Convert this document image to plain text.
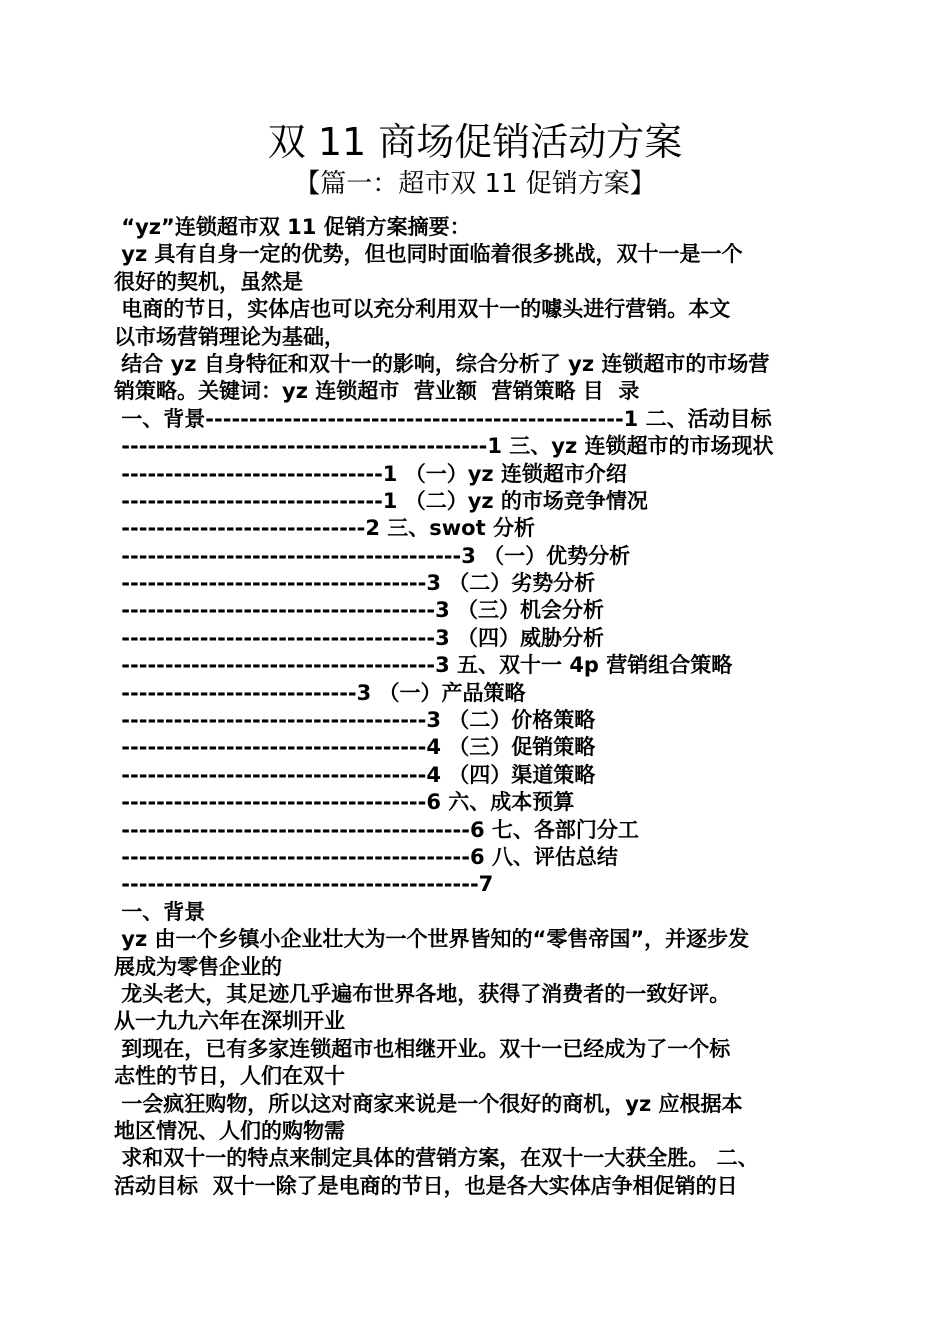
双 11 商场促销活动方案
【篇一：超市双 11 促销方案】
“yz”连锁超市双 11 促销方案摘要：
yz 具有自身一定的优势，但也同时面临着很多挑战，双十一是一个
很好的契机，虽然是
电商的节日，实体店也可以充分利用双十一的噱头进行营销。本文
以市场营销理论为基础，
结合 yz 自身特征和双十一的影响，综合分析了 yz 连锁超市的市场营
销策略。关键词：yz 连锁超市  营业额  营销策略 目  录
一、背景------------------------------------------------1 二、活动目标
------------------------------------------1 三、yz 连锁超市的市场现状
------------------------------1 （一）yz 连锁超市介绍
------------------------------1 （二）yz 的市场竞争情况
----------------------------2 三、swot 分析
---------------------------------------3 （一）优势分析
-----------------------------------3 （二）劣势分析
------------------------------------3 （三）机会分析
------------------------------------3 （四）威胁分析
------------------------------------3 五、双十一 4p 营销组合策略
---------------------------3 （一）产品策略
-----------------------------------3 （二）价格策略
-----------------------------------4 （三）促销策略
-----------------------------------4 （四）渠道策略
-----------------------------------6 六、成本预算
----------------------------------------6 七、各部门分工
----------------------------------------6 八、评估总结
-----------------------------------------7
一、背景
yz 由一个乡镇小企业壮大为一个世界皆知的“零售帝国”，并逐步发
展成为零售企业的
龙头老大，其足迹几乎遍布世界各地，获得了消费者的一致好评。
从一九九六年在深圳开业
到现在，已有多家连锁超市也相继开业。双十一已经成为了一个标
志性的节日，人们在双十
一会疯狂购物，所以这对商家来说是一个很好的商机，yz 应根据本
地区情况、人们的购物需
求和双十一的特点来制定具体的营销方案，在双十一大获全胜。 二、
活动目标  双十一除了是电商的节日，也是各大实体店争相促销的日
